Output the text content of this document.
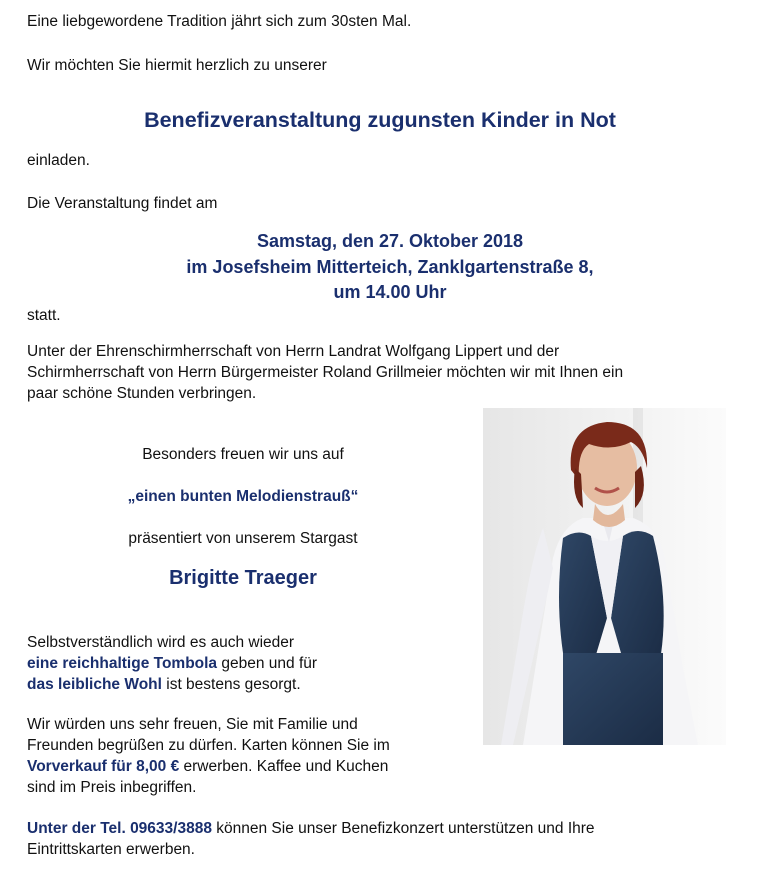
Eine liebgewordene Tradition jährt sich zum 30sten Mal.

Wir möchten Sie hiermit herzlich zu unserer

Benefizveranstaltung zugunsten Kinder in Not

einladen.

Die Veranstaltung findet am

Samstag, den 27. Oktober 2018

im Josefsheim Mitterteich, Zanklgartenstraße 8,

um 14.00 Uhr

statt.

Unter der Ehrenschirmherrschaft von Herrn Landrat Wolfgang Lippert und der

Schirmherrschaft von Herrn Bürgermeister Roland Grillmeier möchten wir mit Ihnen ein

paar schöne Stunden verbringen.

Besonders freuen wir uns auf

„einen bunten Melodienstrauß“

präsentiert von unserem Stargast

Brigitte Traeger

Selbstverständlich wird es auch wieder

eine reichhaltige Tombola geben und für

das leibliche Wohl ist bestens gesorgt.

Wir würden uns sehr freuen, Sie mit Familie und

Freunden begrüßen zu dürfen. Karten können Sie im

Vorverkauf für 8,00 € erwerben. Kaffee und Kuchen

sind im Preis inbegriffen.

Unter der Tel. 09633/3888 können Sie unser Benefizkonzert unterstützen und Ihre

Eintrittskarten erwerben.
